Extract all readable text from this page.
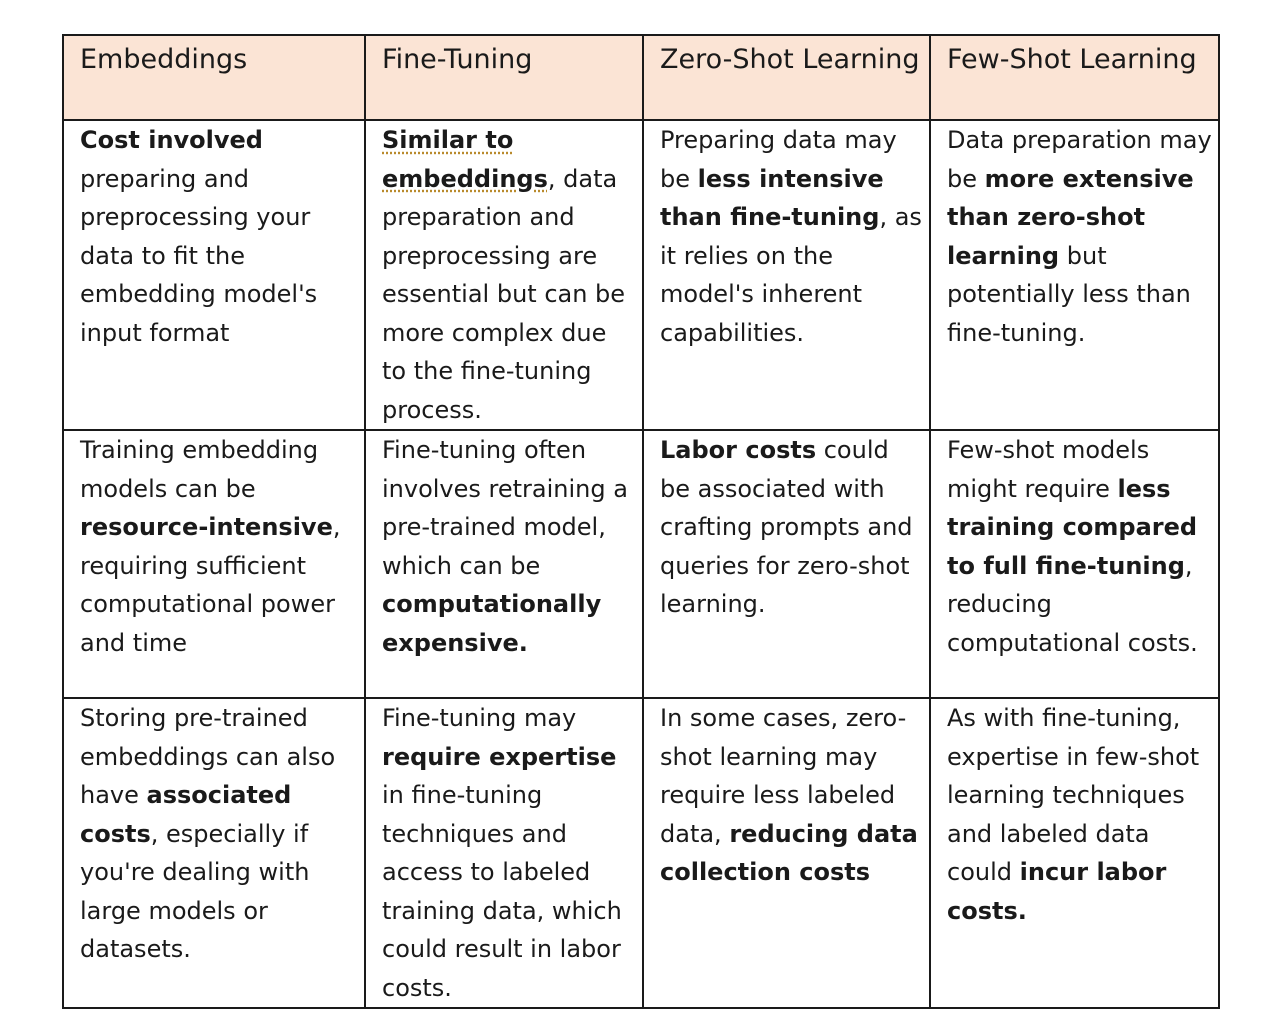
Embeddings	Fine-Tuning	Zero-Shot Learning	Few-Shot Learning
Cost involved preparing and preprocessing your data to fit the embedding model's input format	Similar to embeddings, data preparation and preprocessing are essential but can be more complex due to the fine-tuning process.	Preparing data may be less intensive than fine-tuning, as it relies on the model's inherent capabilities.	Data preparation may be more extensive than zero-shot learning but potentially less than fine-tuning.
Training embedding models can be resource-intensive, requiring sufficient computational power and time	Fine-tuning often involves retraining a pre-trained model, which can be computationally expensive.	Labor costs could be associated with crafting prompts and queries for zero-shot learning.	Few-shot models might require less training compared to full fine-tuning, reducing computational costs.
Storing pre-trained embeddings can also have associated costs, especially if you're dealing with large models or datasets.	Fine-tuning may require expertise in fine-tuning techniques and access to labeled training data, which could result in labor costs.	In some cases, zero-shot learning may require less labeled data, reducing data collection costs	As with fine-tuning, expertise in few-shot learning techniques and labeled data could incur labor costs.
